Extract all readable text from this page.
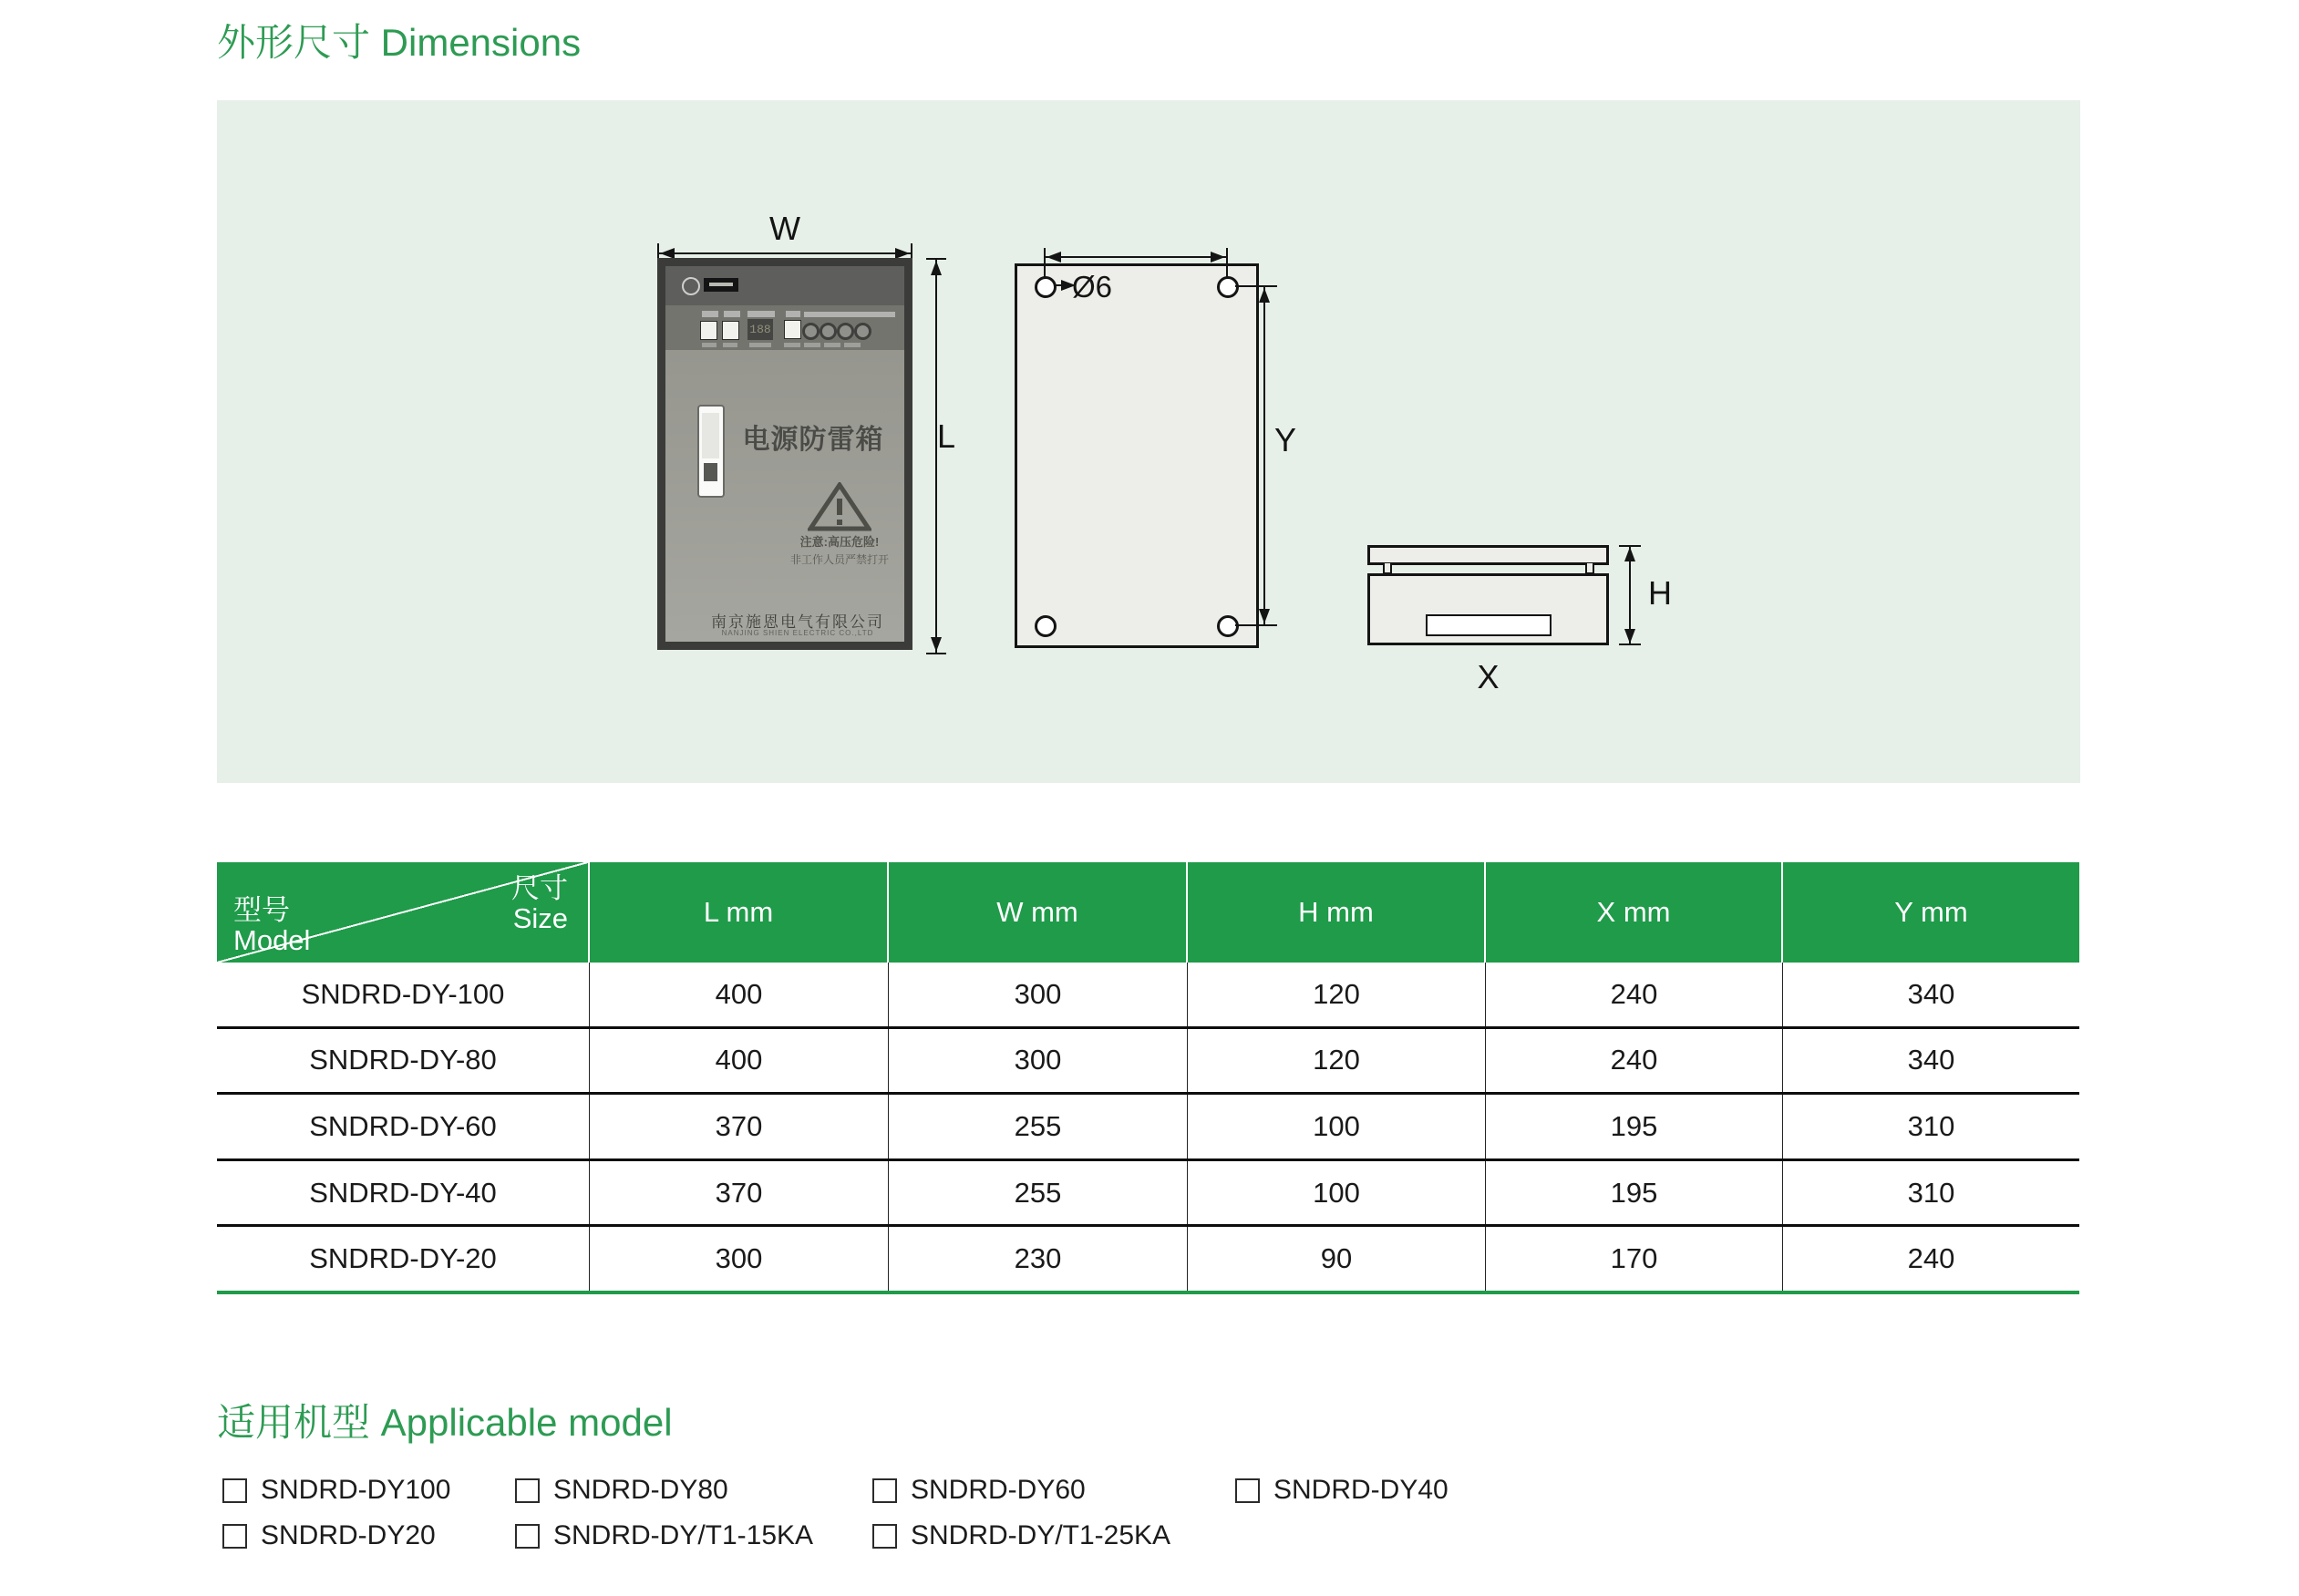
外形尺寸 Dimensions
W
L
188
电源防雷箱
注意:高压危险!
非工作人员严禁打开
南京施恩电气有限公司
NANJING SHIEN ELECTRIC CO.,LTD
Ø6
Y
H
X
尺寸
Size
型号
Model
L mm	W mm	H mm	X mm	Y mm
SNDRD-DY-100	400	300	120	240	340
SNDRD-DY-80	400	300	120	240	340
SNDRD-DY-60	370	255	100	195	310
SNDRD-DY-40	370	255	100	195	310
SNDRD-DY-20	300	230	90	170	240
适用机型 Applicable model
SNDRD-DY100	SNDRD-DY80	SNDRD-DY60	SNDRD-DY40
SNDRD-DY20	SNDRD-DY/T1-15KA	SNDRD-DY/T1-25KA
